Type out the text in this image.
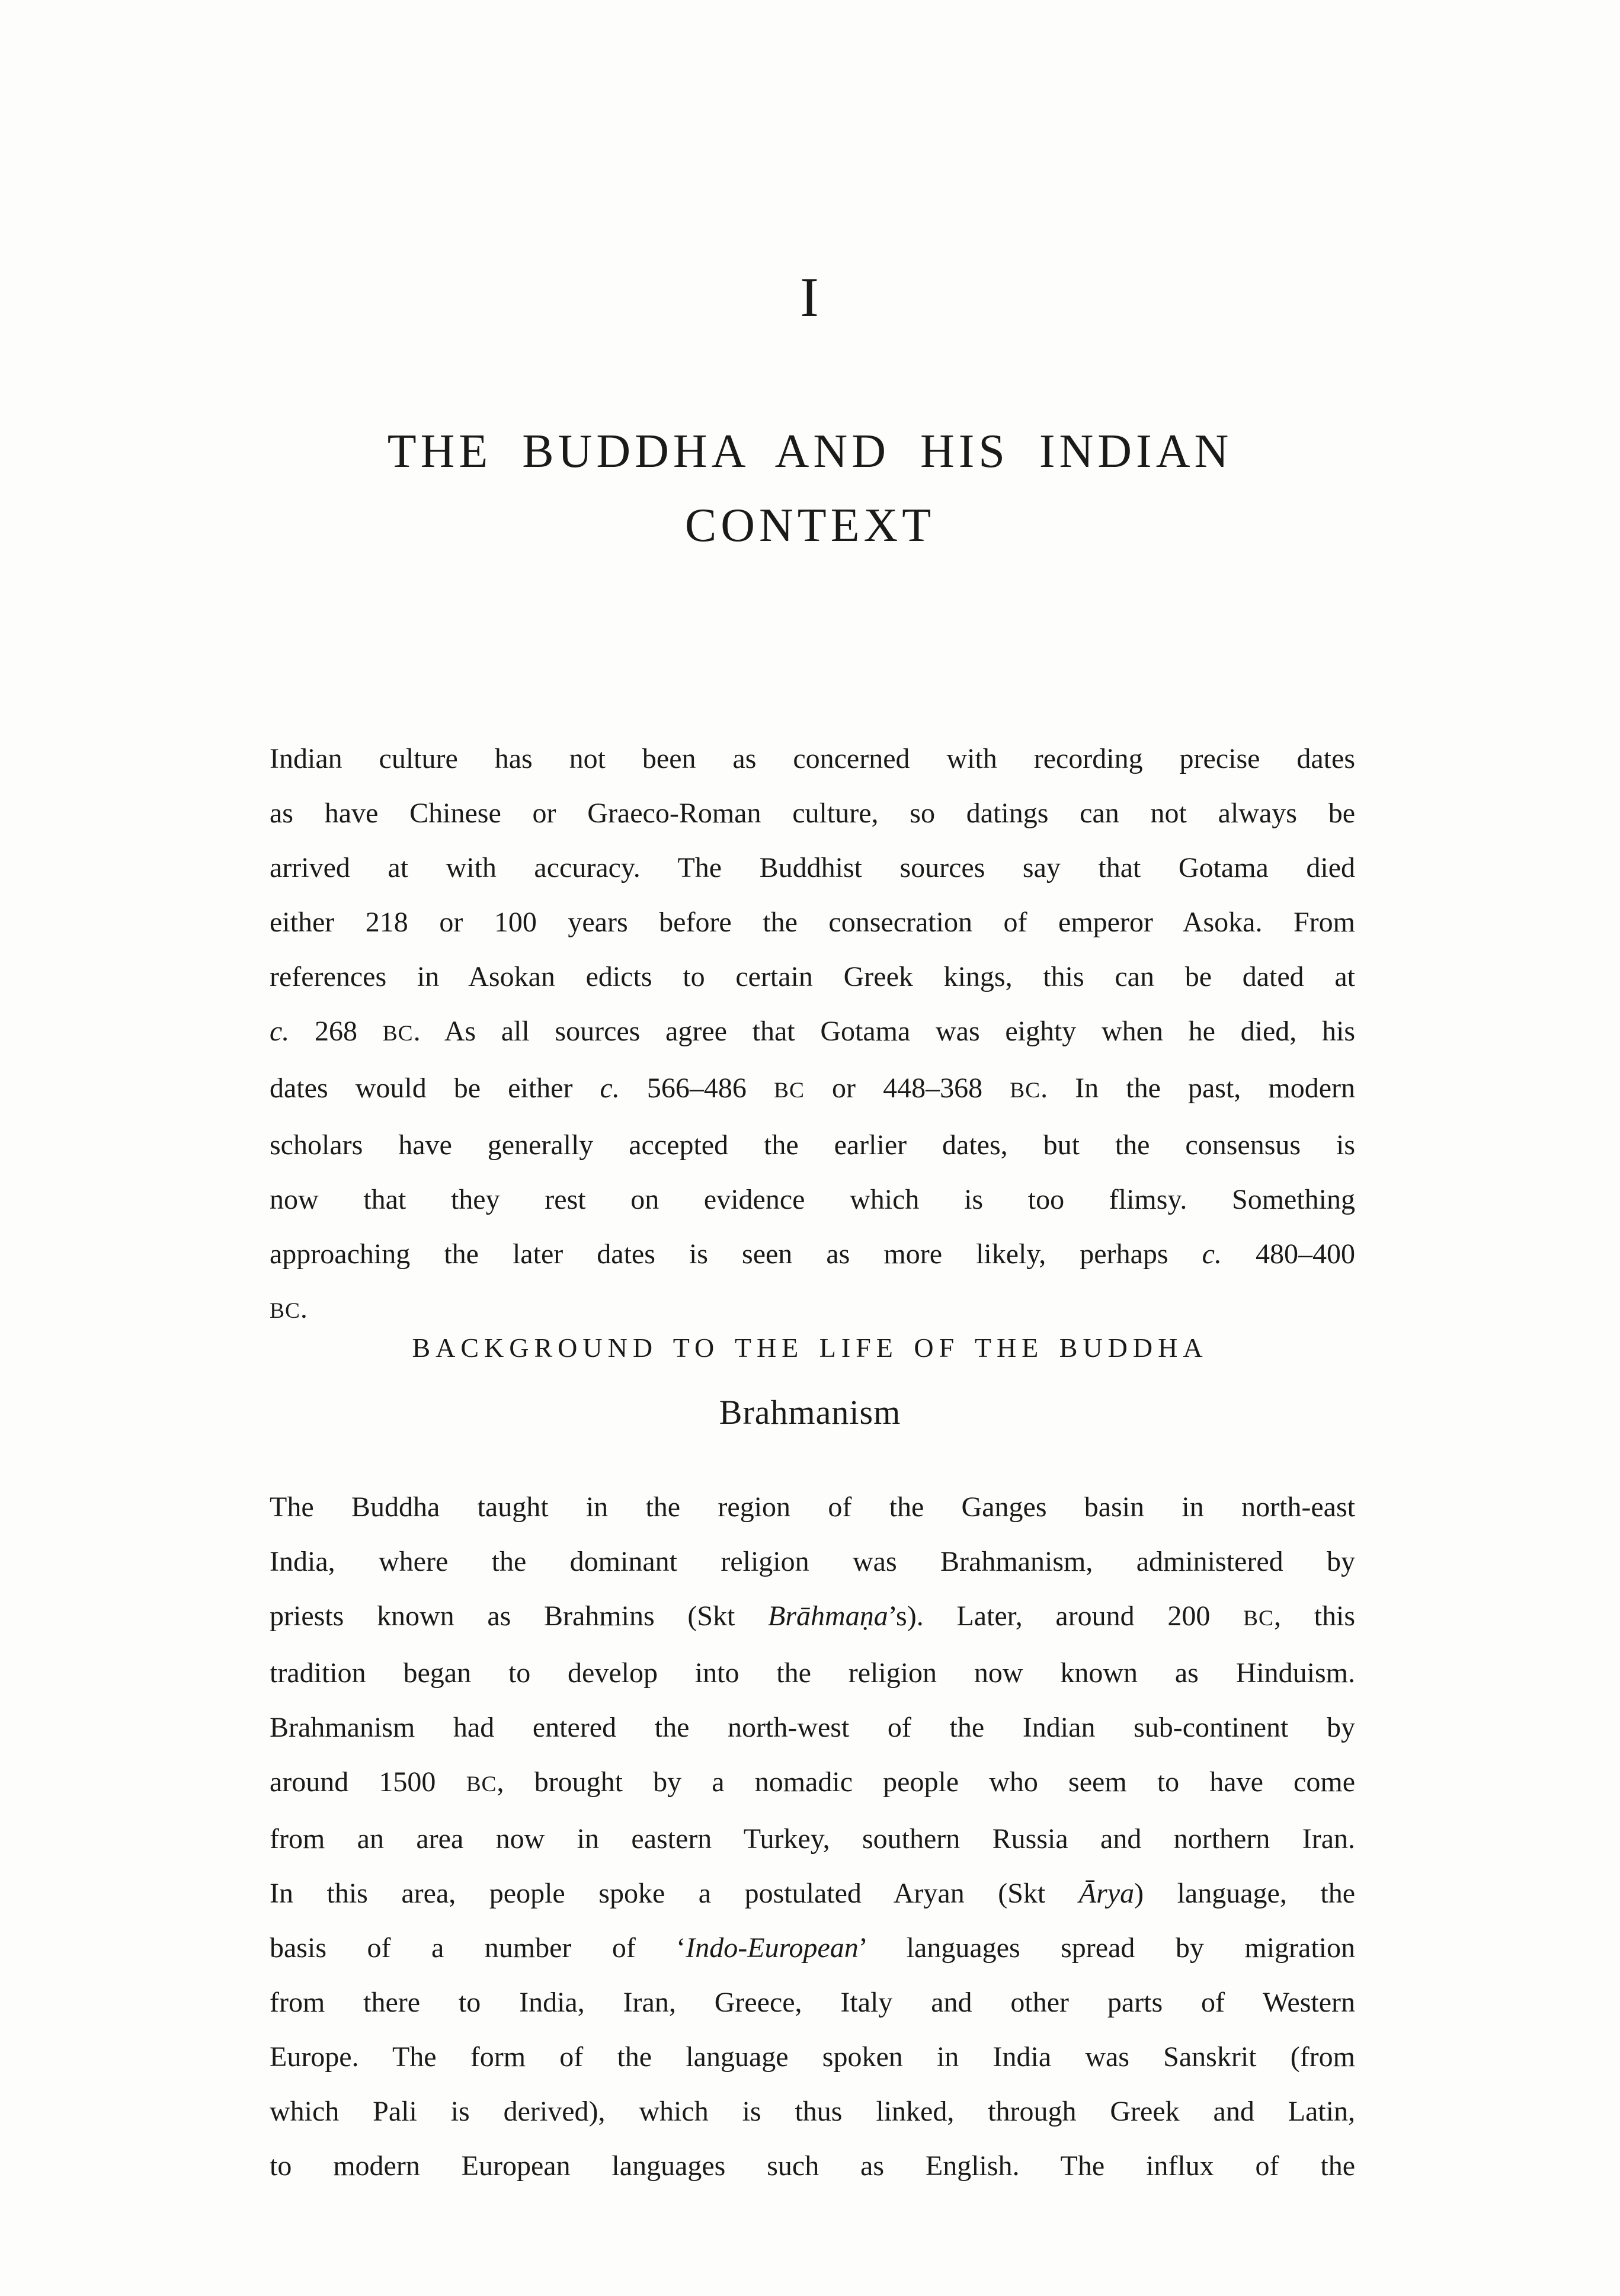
I
THE BUDDHA AND HIS INDIAN
CONTEXT
Indian culture has not been as concerned with recording precise dates
as have Chinese or Graeco-Roman culture, so datings can not always be
arrived at with accuracy. The Buddhist sources say that Gotama died
either 218 or 100 years before the consecration of emperor Asoka. From
references in Asokan edicts to certain Greek kings, this can be dated at
c. 268 BC. As all sources agree that Gotama was eighty when he died, his
dates would be either c. 566–486 BC or 448–368 BC. In the past, modern
scholars have generally accepted the earlier dates, but the consensus is
now that they rest on evidence which is too flimsy. Something
approaching the later dates is seen as more likely, perhaps c. 480–400
BC.
BACKGROUND TO THE LIFE OF THE BUDDHA
Brahmanism
The Buddha taught in the region of the Ganges basin in north-east
India, where the dominant religion was Brahmanism, administered by
priests known as Brahmins (Skt Brāhmaṇa’s). Later, around 200 BC, this
tradition began to develop into the religion now known as Hinduism.
Brahmanism had entered the north-west of the Indian sub-continent by
around 1500 BC, brought by a nomadic people who seem to have come
from an area now in eastern Turkey, southern Russia and northern Iran.
In this area, people spoke a postulated Aryan (Skt Ārya) language, the
basis of a number of ‘Indo-European’ languages spread by migration
from there to India, Iran, Greece, Italy and other parts of Western
Europe. The form of the language spoken in India was Sanskrit (from
which Pali is derived), which is thus linked, through Greek and Latin,
to modern European languages such as English. The influx of the
